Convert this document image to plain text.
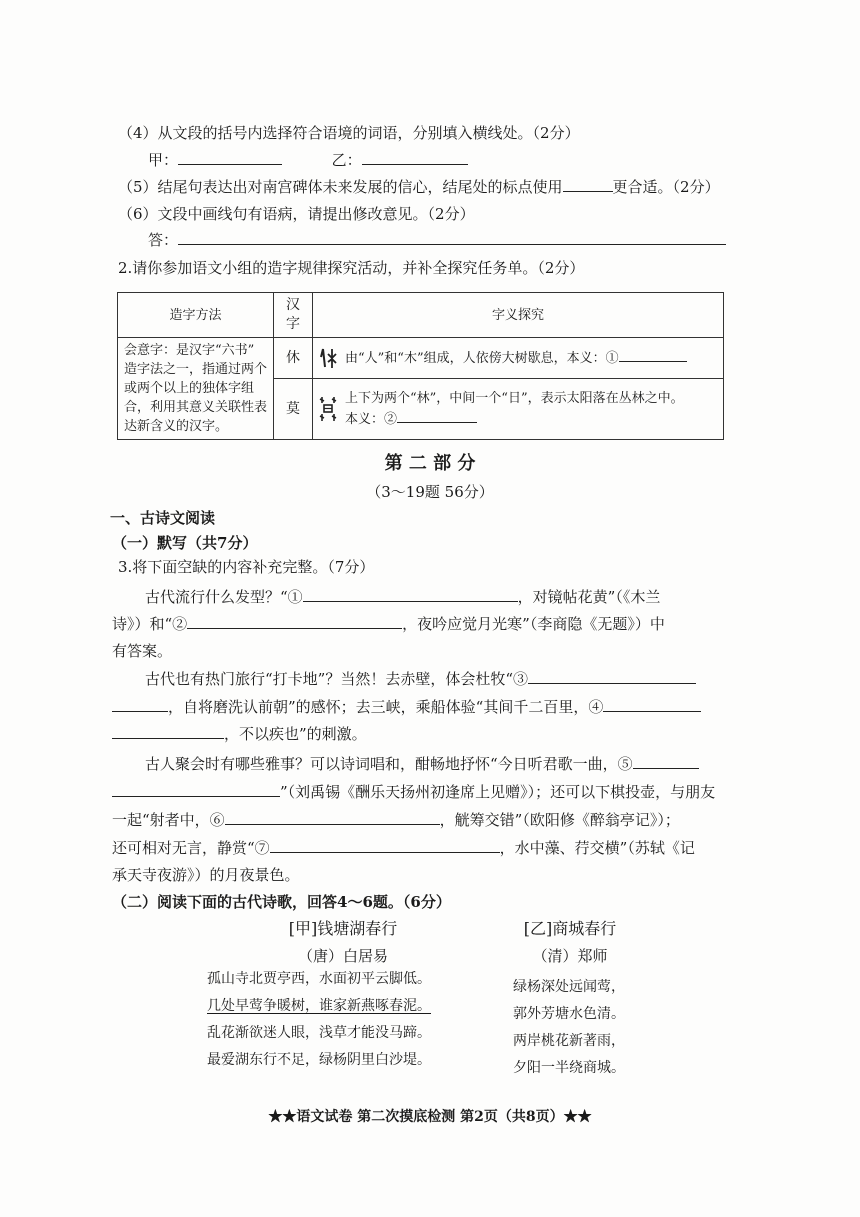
（4）从文段的括号内选择符合语境的词语，分别填入横线处。（2分）
甲：	乙：
（5）结尾句表达出对南宫碑体未来发展的信心，结尾处的标点使用	更合适。（2分）
（6）文段中画线句有语病，请提出修改意见。（2分）
答：
2.请你参加语文小组的造字规律探究活动，并补全探究任务单。（2分）
造字方法	汉字	字义探究

会意字：是汉字“六书”
造字法之一，指通过两个
或两个以上的独体字组
合，利用其意义关联性表
达新含义的汉字。	休	由“人”和“木”组成，人依傍大树歇息，本义：①
	莫	上下为两个“林”，中间一个“日”，表示太阳落在丛林之中。
本义：②
第 二 部 分
（3～19题 56分）
一、古诗文阅读
（一）默写（共7分）
3.将下面空缺的内容补充完整。（7分）
古代流行什么发型？“①	，对镜帖花黄”（《木兰
诗》）和“②	，夜吟应觉月光寒”（李商隐《无题》）中
有答案。
古代也有热门旅行“打卡地”？当然！去赤壁，体会杜牧“③
，自将磨洗认前朝”的感怀；去三峡，乘船体验“其间千二百里，④
，不以疾也”的刺激。
古人聚会时有哪些雅事？可以诗词唱和，酣畅地抒怀“今日听君歌一曲，⑤
”（刘禹锡《酬乐天扬州初逢席上见赠》）；还可以下棋投壶，与朋友
一起“射者中，⑥	，觥筹交错”（欧阳修《醉翁亭记》）；
还可相对无言，静赏“⑦	，水中藻、荇交横”（苏轼《记
承天寺夜游》）的月夜景色。
（二）阅读下面的古代诗歌，回答4～6题。（6分）
[甲]钱塘湖春行
（唐）白居易
孤山寺北贾亭西，水面初平云脚低。
几处早莺争暖树，谁家新燕啄春泥。
乱花渐欲迷人眼，浅草才能没马蹄。
最爱湖东行不足，绿杨阴里白沙堤。
[乙]商城春行
（清）郑师
绿杨深处远闻莺，
郭外芳塘水色清。
两岸桃花新著雨，
夕阳一半绕商城。
★★语文试卷 第二次摸底检测 第2页（共8页）★★
